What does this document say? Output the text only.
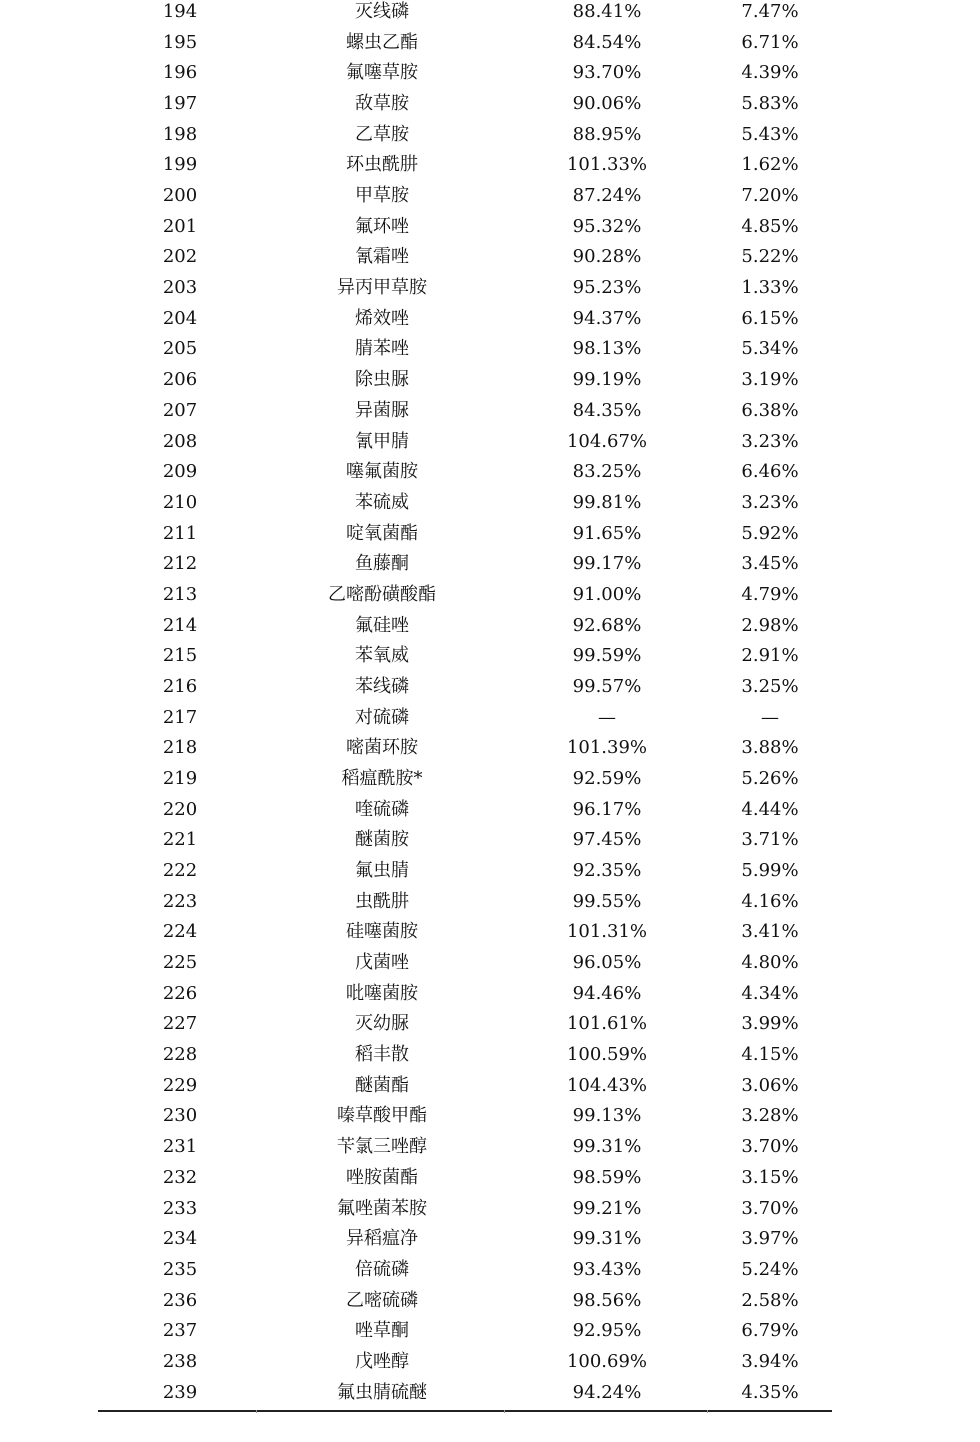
194	灭线磷	88.41%	7.47%
195	螺虫乙酯	84.54%	6.71%
196	氟噻草胺	93.70%	4.39%
197	敌草胺	90.06%	5.83%
198	乙草胺	88.95%	5.43%
199	环虫酰肼	101.33%	1.62%
200	甲草胺	87.24%	7.20%
201	氟环唑	95.32%	4.85%
202	氰霜唑	90.28%	5.22%
203	异丙甲草胺	95.23%	1.33%
204	烯效唑	94.37%	6.15%
205	腈苯唑	98.13%	5.34%
206	除虫脲	99.19%	3.19%
207	异菌脲	84.35%	6.38%
208	氰甲腈	104.67%	3.23%
209	噻氟菌胺	83.25%	6.46%
210	苯硫威	99.81%	3.23%
211	啶氧菌酯	91.65%	5.92%
212	鱼藤酮	99.17%	3.45%
213	乙嘧酚磺酸酯	91.00%	4.79%
214	氟硅唑	92.68%	2.98%
215	苯氧威	99.59%	2.91%
216	苯线磷	99.57%	3.25%
217	对硫磷	—	—
218	嘧菌环胺	101.39%	3.88%
219	稻瘟酰胺*	92.59%	5.26%
220	喹硫磷	96.17%	4.44%
221	醚菌胺	97.45%	3.71%
222	氟虫腈	92.35%	5.99%
223	虫酰肼	99.55%	4.16%
224	硅噻菌胺	101.31%	3.41%
225	戊菌唑	96.05%	4.80%
226	吡噻菌胺	94.46%	4.34%
227	灭幼脲	101.61%	3.99%
228	稻丰散	100.59%	4.15%
229	醚菌酯	104.43%	3.06%
230	嗪草酸甲酯	99.13%	3.28%
231	苄氯三唑醇	99.31%	3.70%
232	唑胺菌酯	98.59%	3.15%
233	氟唑菌苯胺	99.21%	3.70%
234	异稻瘟净	99.31%	3.97%
235	倍硫磷	93.43%	5.24%
236	乙嘧硫磷	98.56%	2.58%
237	唑草酮	92.95%	6.79%
238	戊唑醇	100.69%	3.94%
239	氟虫腈硫醚	94.24%	4.35%
